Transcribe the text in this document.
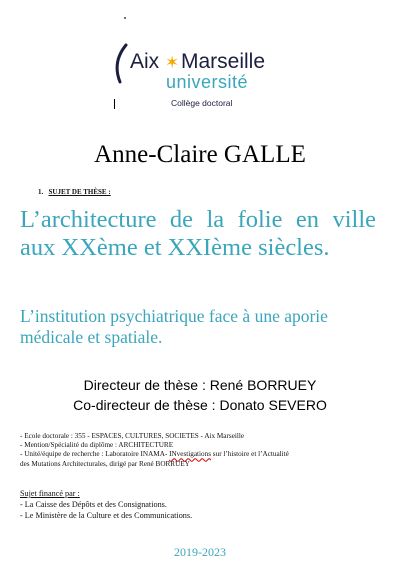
Aix ✶ Marseille
université
Collège doctoral
Anne-Claire GALLE
1. SUJET DE THÈSE :
L’architecture de la folie en ville aux XXème et XXIème siècles.
L’institution psychiatrique face à une aporie médicale et spatiale.
Directeur de thèse : René BORRUEY
Co-directeur de thèse : Donato SEVERO
- Ecole doctorale : 355 - ESPACES, CULTURES, SOCIETES - Aix Marseille
- Mention/Spécialité du diplôme : ARCHITECTURE
- Unité/équipe de recherche : Laboratoire INAMA- INvestigations sur l’histoire et l’Actualité
des Mutations Architecturales, dirigé par René BORRUEY
Sujet financé par :
- La Caisse des Dépôts et des Consignations.
- Le Ministère de la Culture et des Communications.
2019-2023
